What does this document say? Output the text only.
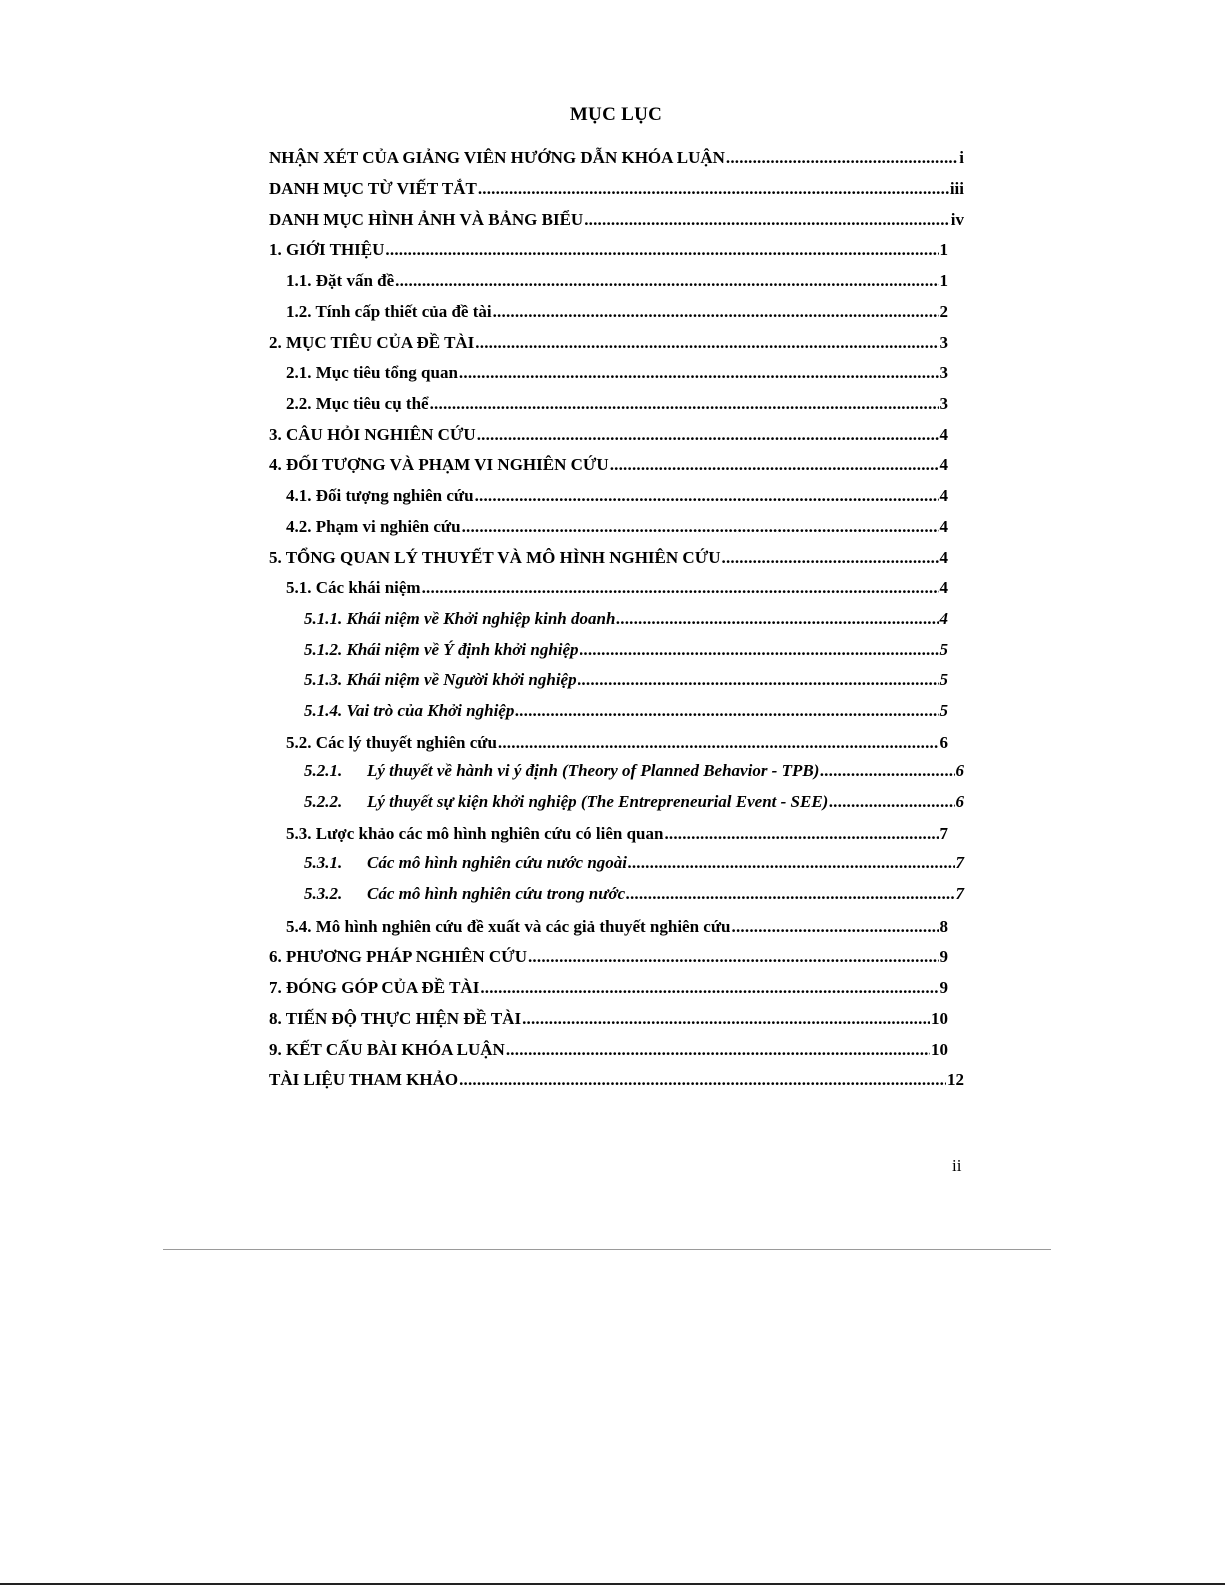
MỤC LỤC
NHẬN XÉT CỦA GIẢNG VIÊN HƯỚNG DẪN KHÓA LUẬN .....	i
DANH MỤC TỪ VIẾT TẮT .....	iii
DANH MỤC HÌNH ẢNH VÀ BẢNG BIỂU .....	iv
1. GIỚI THIỆU .....	1
1.1. Đặt vấn đề .....	1
1.2. Tính cấp thiết của đề tài .....	2
2. MỤC TIÊU CỦA ĐỀ TÀI .....	3
2.1. Mục tiêu tổng quan .....	3
2.2. Mục tiêu cụ thể .....	3
3. CÂU HỎI NGHIÊN CỨU .....	4
4. ĐỐI TƯỢNG VÀ PHẠM VI NGHIÊN CỨU .....	4
4.1. Đối tượng nghiên cứu .....	4
4.2. Phạm vi nghiên cứu .....	4
5. TỔNG QUAN LÝ THUYẾT VÀ MÔ HÌNH NGHIÊN CỨU .....	4
5.1. Các khái niệm .....	4
5.1.1. Khái niệm về Khởi nghiệp kinh doanh .....	4
5.1.2. Khái niệm về Ý định khởi nghiệp .....	5
5.1.3. Khái niệm về Người khởi nghiệp .....	5
5.1.4. Vai trò của Khởi nghiệp .....	5
5.2. Các lý thuyết nghiên cứu .....	6
5.2.1. Lý thuyết về hành vi ý định (Theory of Planned Behavior - TPB) .....	6
5.2.2. Lý thuyết sự kiện khởi nghiệp (The Entrepreneurial Event - SEE) .....	6
5.3. Lược khảo các mô hình nghiên cứu có liên quan .....	7
5.3.1. Các mô hình nghiên cứu nước ngoài .....	7
5.3.2. Các mô hình nghiên cứu trong nước .....	7
5.4. Mô hình nghiên cứu đề xuất và các giả thuyết nghiên cứu .....	8
6. PHƯƠNG PHÁP NGHIÊN CỨU .....	9
7. ĐÓNG GÓP CỦA ĐỀ TÀI .....	9
8. TIẾN ĐỘ THỰC HIỆN ĐỀ TÀI .....	10
9. KẾT CẤU BÀI KHÓA LUẬN .....	10
TÀI LIỆU THAM KHẢO .....	12
ii
